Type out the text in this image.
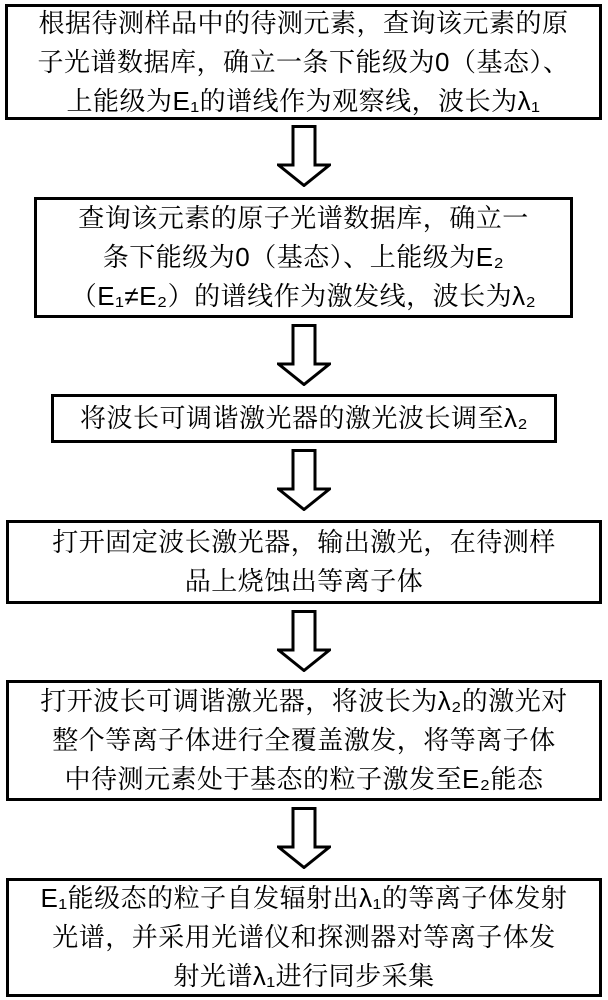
根据待测样品中的待测元素，查询该元素的原
子光谱数据库，确立一条下能级为0（基态）、
上能级为E₁的谱线作为观察线，波长为λ₁
查询该元素的原子光谱数据库，确立一
条下能级为0（基态）、上能级为E₂
（E₁≠E₂）的谱线作为激发线，波长为λ₂
将波长可调谐激光器的激光波长调至λ₂
打开固定波长激光器，输出激光，在待测样
品上烧蚀出等离子体
打开波长可调谐激光器，将波长为λ₂的激光对
整个等离子体进行全覆盖激发，将等离子体
中待测元素处于基态的粒子激发至E₂能态
E₁能级态的粒子自发辐射出λ₁的等离子体发射
光谱，并采用光谱仪和探测器对等离子体发
射光谱λ₁进行同步采集
